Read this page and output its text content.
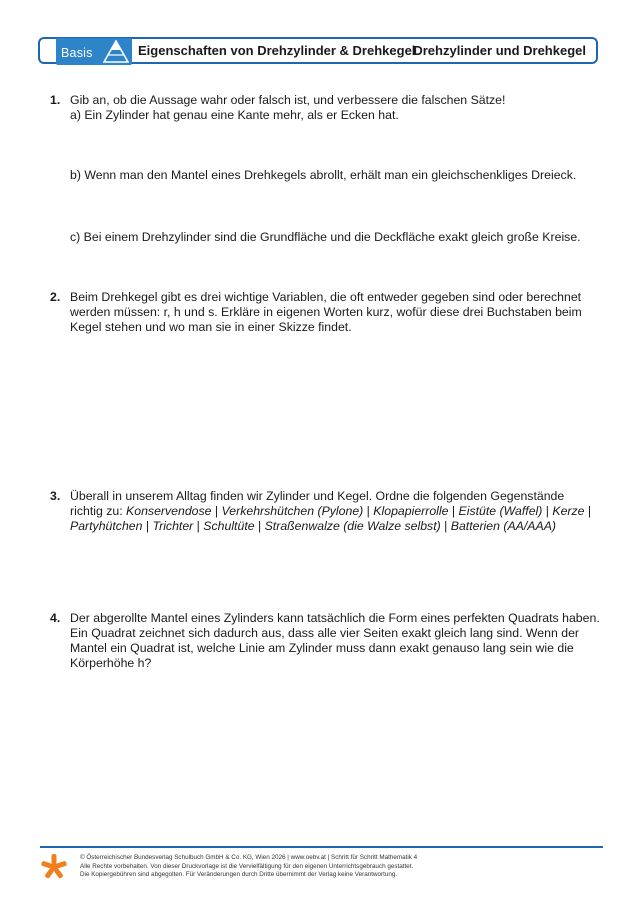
Basis	Eigenschaften von Drehzylinder & Drehkegel
Drehzylinder und Drehkegel
1. Gib an, ob die Aussage wahr oder falsch ist, und verbessere die falschen Sätze!
a) Ein Zylinder hat genau eine Kante mehr, als er Ecken hat.
b) Wenn man den Mantel eines Drehkegels abrollt, erhält man ein gleichschenkliges Dreieck.
c) Bei einem Drehzylinder sind die Grundfläche und die Deckfläche exakt gleich große Kreise.
2. Beim Drehkegel gibt es drei wichtige Variablen, die oft entweder gegeben sind oder berechnet werden müssen: r, h und s. Erkläre in eigenen Worten kurz, wofür diese drei Buchstaben beim Kegel stehen und wo man sie in einer Skizze findet.
3. Überall in unserem Alltag finden wir Zylinder und Kegel. Ordne die folgenden Gegenstände richtig zu: Konservendose | Verkehrshütchen (Pylone) | Klopapierrolle | Eistüte (Waffel) | Kerze | Partyhütchen | Trichter | Schultüte | Straßenwalze (die Walze selbst) | Batterien (AA/AAA)
4. Der abgerollte Mantel eines Zylinders kann tatsächlich die Form eines perfekten Quadrats haben. Ein Quadrat zeichnet sich dadurch aus, dass alle vier Seiten exakt gleich lang sind. Wenn der Mantel ein Quadrat ist, welche Linie am Zylinder muss dann exakt genauso lang sein wie die Körperhöhe h?
© Österreichischer Bundesverlag Schulbuch GmbH & Co. KG, Wien 2026 | www.oebv.at | Schritt für Schritt Mathematik 4
Alle Rechte vorbehalten. Von dieser Druckvorlage ist die Vervielfältigung für den eigenen Unterrichtsgebrauch gestattet.
Die Kopiergebühren sind abgegolten. Für Veränderungen durch Dritte übernimmt der Verlag keine Verantwortung.
